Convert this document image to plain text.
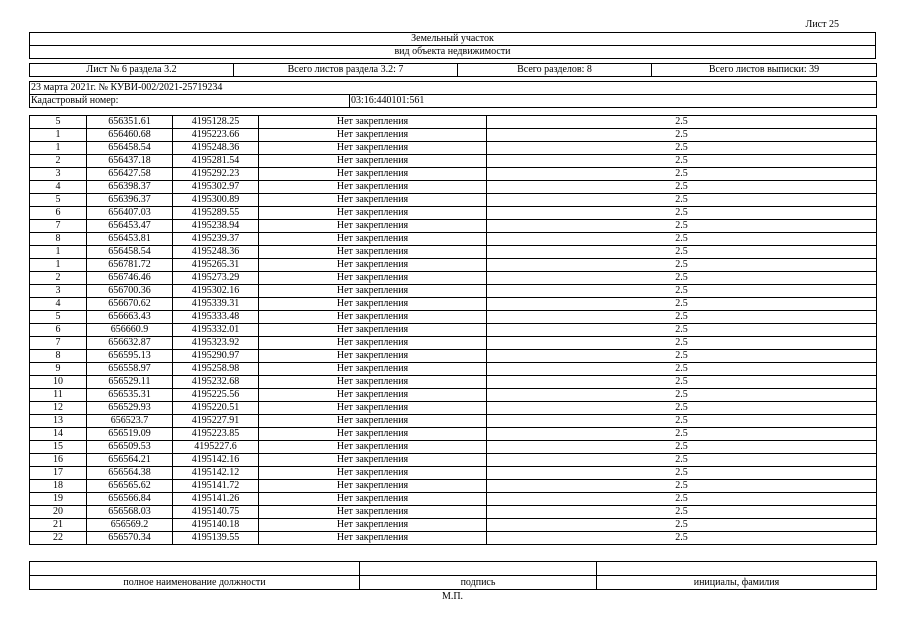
Лист 25
Земельный участок
вид объекта недвижимости
Лист № 6 раздела 3.2	Всего листов раздела 3.2: 7	Всего разделов: 8	Всего листов выписки: 39
23 марта 2021г. № КУВИ-002/2021-25719234
Кадастровый номер:	03:16:440101:561
5	656351.61	4195128.25	Нет закрепления	2.5
1	656460.68	4195223.66	Нет закрепления	2.5
1	656458.54	4195248.36	Нет закрепления	2.5
2	656437.18	4195281.54	Нет закрепления	2.5
3	656427.58	4195292.23	Нет закрепления	2.5
4	656398.37	4195302.97	Нет закрепления	2.5
5	656396.37	4195300.89	Нет закрепления	2.5
6	656407.03	4195289.55	Нет закрепления	2.5
7	656453.47	4195238.94	Нет закрепления	2.5
8	656453.81	4195239.37	Нет закрепления	2.5
1	656458.54	4195248.36	Нет закрепления	2.5
1	656781.72	4195265.31	Нет закрепления	2.5
2	656746.46	4195273.29	Нет закрепления	2.5
3	656700.36	4195302.16	Нет закрепления	2.5
4	656670.62	4195339.31	Нет закрепления	2.5
5	656663.43	4195333.48	Нет закрепления	2.5
6	656660.9	4195332.01	Нет закрепления	2.5
7	656632.87	4195323.92	Нет закрепления	2.5
8	656595.13	4195290.97	Нет закрепления	2.5
9	656558.97	4195258.98	Нет закрепления	2.5
10	656529.11	4195232.68	Нет закрепления	2.5
11	656535.31	4195225.56	Нет закрепления	2.5
12	656529.93	4195220.51	Нет закрепления	2.5
13	656523.7	4195227.91	Нет закрепления	2.5
14	656519.09	4195223.85	Нет закрепления	2.5
15	656509.53	4195227.6	Нет закрепления	2.5
16	656564.21	4195142.16	Нет закрепления	2.5
17	656564.38	4195142.12	Нет закрепления	2.5
18	656565.62	4195141.72	Нет закрепления	2.5
19	656566.84	4195141.26	Нет закрепления	2.5
20	656568.03	4195140.75	Нет закрепления	2.5
21	656569.2	4195140.18	Нет закрепления	2.5
22	656570.34	4195139.55	Нет закрепления	2.5

полное наименование должности	подпись	инициалы, фамилия
М.П.
